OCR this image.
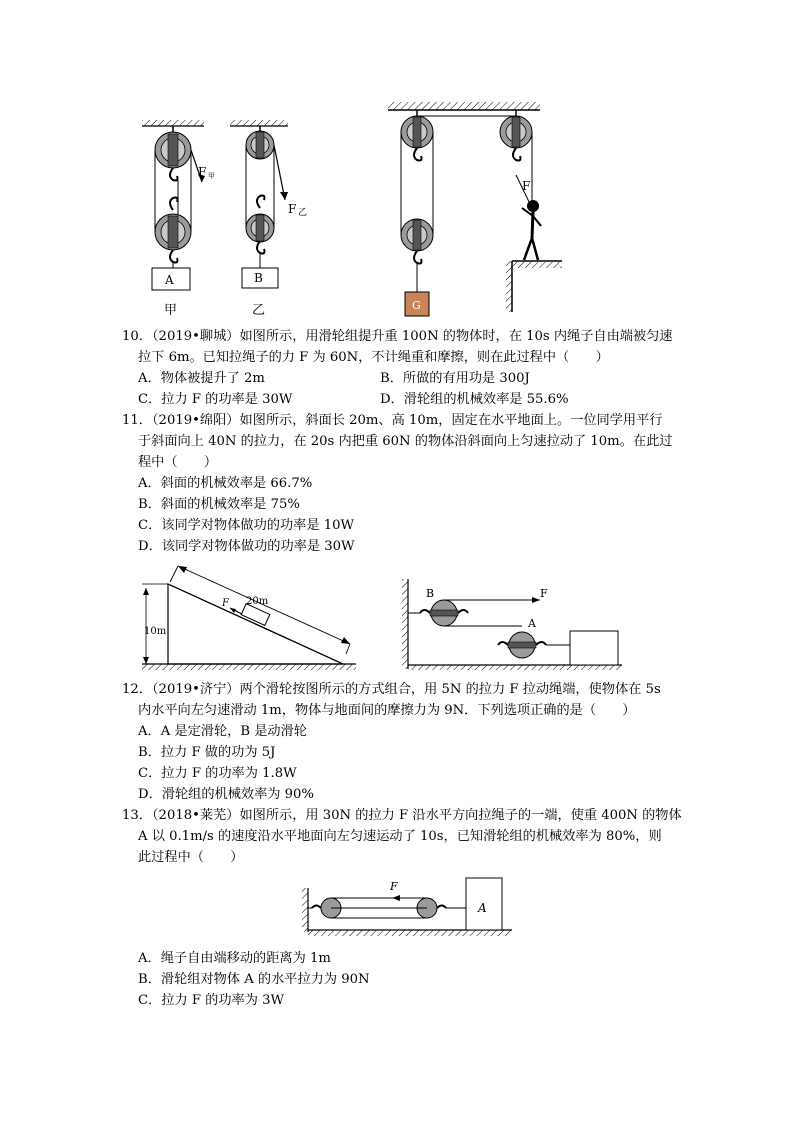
F 甲
A
甲
F 乙
B
乙
F
G
10．（2019•聊城）如图所示，用滑轮组提升重 100N 的物体时，在 10s 内绳子自由端被匀速
拉下 6m。已知拉绳子的力 F 为 60N，不计绳重和摩擦，则在此过程中（　　）
A．物体被提升了 2m	B．所做的有用功是 300J
C．拉力 F 的功率是 30W	D．滑轮组的机械效率是 55.6%
11．（2019•绵阳）如图所示，斜面长 20m、高 10m，固定在水平地面上。一位同学用平行
于斜面向上 40N 的拉力，在 20s 内把重 60N 的物体沿斜面向上匀速拉动了 10m。在此过
程中（　　）
A．斜面的机械效率是 66.7%
B．斜面的机械效率是 75%
C．该同学对物体做功的功率是 10W
D．该同学对物体做功的功率是 30W
F 20m
10m
B
A
F
12．（2019•济宁）两个滑轮按图所示的方式组合，用 5N 的拉力 F 拉动绳端，使物体在 5s
内水平向左匀速滑动 1m，物体与地面间的摩擦力为 9N．下列选项正确的是（　　）
A．A 是定滑轮，B 是动滑轮
B．拉力 F 做的功为 5J
C．拉力 F 的功率为 1.8W
D．滑轮组的机械效率为 90%
13．（2018•莱芜）如图所示，用 30N 的拉力 F 沿水平方向拉绳子的一端，使重 400N 的物体
A 以 0.1m/s 的速度沿水平地面向左匀速运动了 10s，已知滑轮组的机械效率为 80%，则
此过程中（　　）
F
A
A．绳子自由端移动的距离为 1m
B．滑轮组对物体 A 的水平拉力为 90N
C．拉力 F 的功率为 3W
